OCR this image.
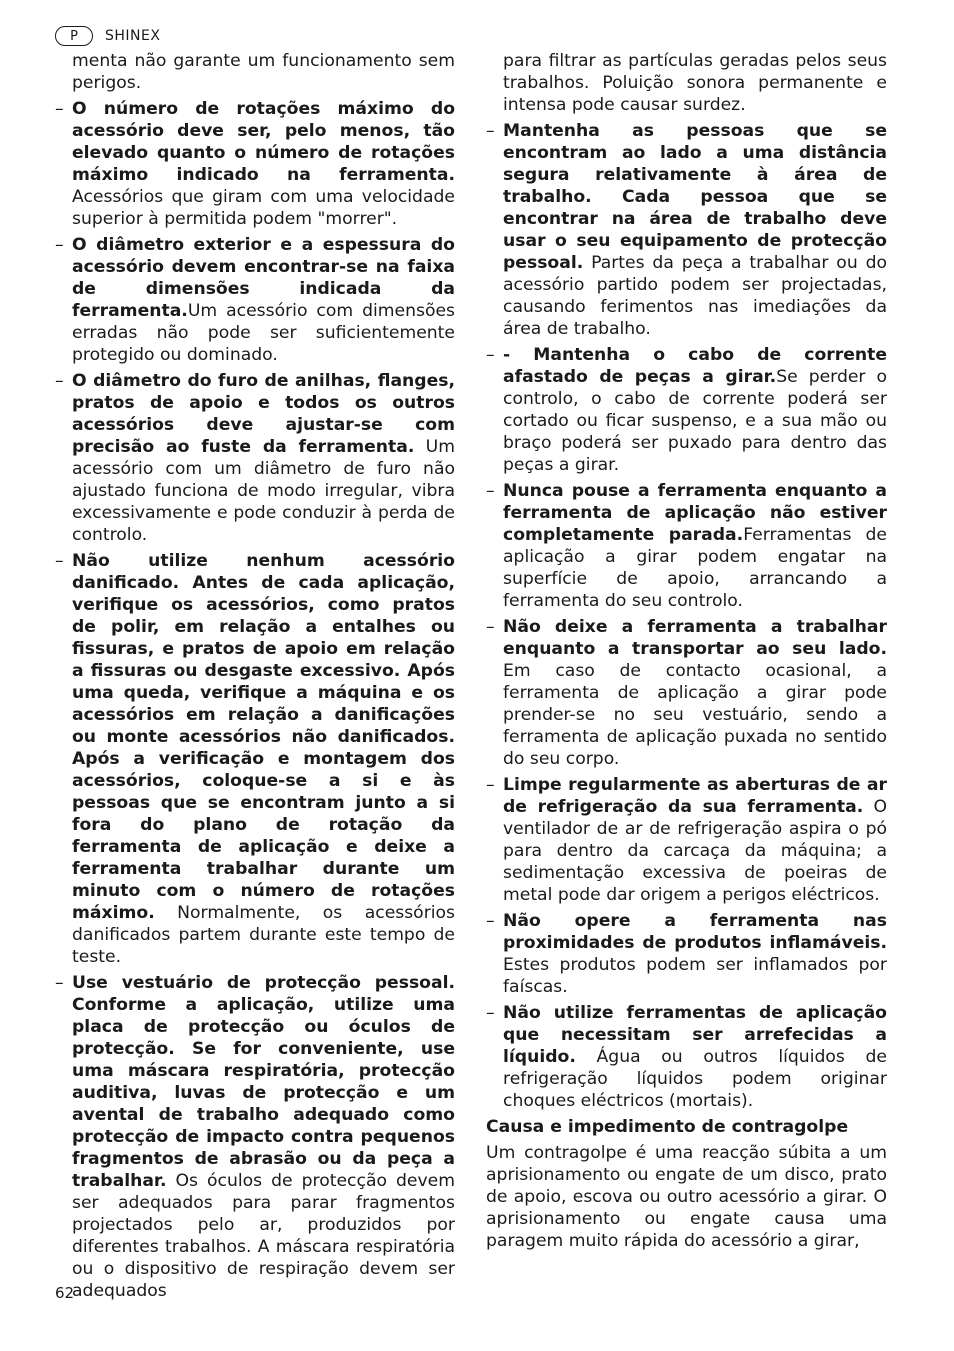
P	SHINEX

menta não garante um funcionamento sem perigos.

– O número de rotações máximo do acessório deve ser, pelo menos, tão elevado quanto o número de rotações máximo indicado na ferramenta. Acessórios que giram com uma velocidade superior à permitida podem "morrer".
– O diâmetro exterior e a espessura do acessório devem encontrar-se na faixa de dimensões indicada da ferramenta.Um acessório com dimensões erradas não pode ser suficientemente protegido ou dominado.
– O diâmetro do furo de anilhas, flanges, pratos de apoio e todos os outros acessórios deve ajustar-se com precisão ao fuste da ferramenta. Um acessório com um diâmetro de furo não ajustado funciona de modo irregular, vibra excessivamente e pode conduzir à perda de controlo.
– Não utilize nenhum acessório danificado. Antes de cada aplicação, verifique os acessórios, como pratos de polir, em relação a entalhes ou fissuras, e pratos de apoio em relação a fissuras ou desgaste excessivo. Após uma queda, verifique a máquina e os acessórios em relação a danificações ou monte acessórios não danificados. Após a verificação e montagem dos acessórios, coloque-se a si e às pessoas que se encontram junto a si fora do plano de rotação da ferramenta de aplicação e deixe a ferramenta trabalhar durante um minuto com o número de rotações máximo. Normalmente, os acessórios danificados partem durante este tempo de teste.
– Use vestuário de protecção pessoal. Conforme a aplicação, utilize uma placa de protecção ou óculos de protecção. Se for conveniente, use uma máscara respiratória, protecção auditiva, luvas de protecção e um avental de trabalho adequado como protecção de impacto contra pequenos fragmentos de abrasão ou da peça a trabalhar. Os óculos de protecção devem ser adequados para parar fragmentos projectados pelo ar, produzidos por diferentes trabalhos. A máscara respiratória ou o dispositivo de respiração devem ser adequados

para filtrar as partículas geradas pelos seus trabalhos. Poluição sonora permanente e intensa pode causar surdez.

– Mantenha as pessoas que se encontram ao lado a uma distância segura relativamente à área de trabalho. Cada pessoa que se encontrar na área de trabalho deve usar o seu equipamento de protecção pessoal. Partes da peça a trabalhar ou do acessório partido podem ser projectadas, causando ferimentos nas imediações da área de trabalho.
– - Mantenha o cabo de corrente afastado de peças a girar.Se perder o controlo, o cabo de corrente poderá ser cortado ou ficar suspenso, e a sua mão ou braço poderá ser puxado para dentro das peças a girar.
– Nunca pouse a ferramenta enquanto a ferramenta de aplicação não estiver completamente parada.Ferramentas de aplicação a girar podem engatar na superfície de apoio, arrancando a ferramenta do seu controlo.
– Não deixe a ferramenta a trabalhar enquanto a transportar ao seu lado. Em caso de contacto ocasional, a ferramenta de aplicação a girar pode prender-se no seu vestuário, sendo a ferramenta de aplicação puxada no sentido do seu corpo.
– Limpe regularmente as aberturas de ar de refrigeração da sua ferramenta. O ventilador de ar de refrigeração aspira o pó para dentro da carcaça da máquina; a sedimentação excessiva de poeiras de metal pode dar origem a perigos eléctricos.
– Não opere a ferramenta nas proximidades de produtos inflamáveis. Estes produtos podem ser inflamados por faíscas.
– Não utilize ferramentas de aplicação que necessitam ser arrefecidas a líquido. Água ou outros líquidos de refrigeração líquidos podem originar choques eléctricos (mortais).

Causa e impedimento de contragolpe

Um contragolpe é uma reacção súbita a um aprisionamento ou engate de um disco, prato de apoio, escova ou outro acessório a girar. O aprisionamento ou engate causa uma paragem muito rápida do acessório a girar,

62
